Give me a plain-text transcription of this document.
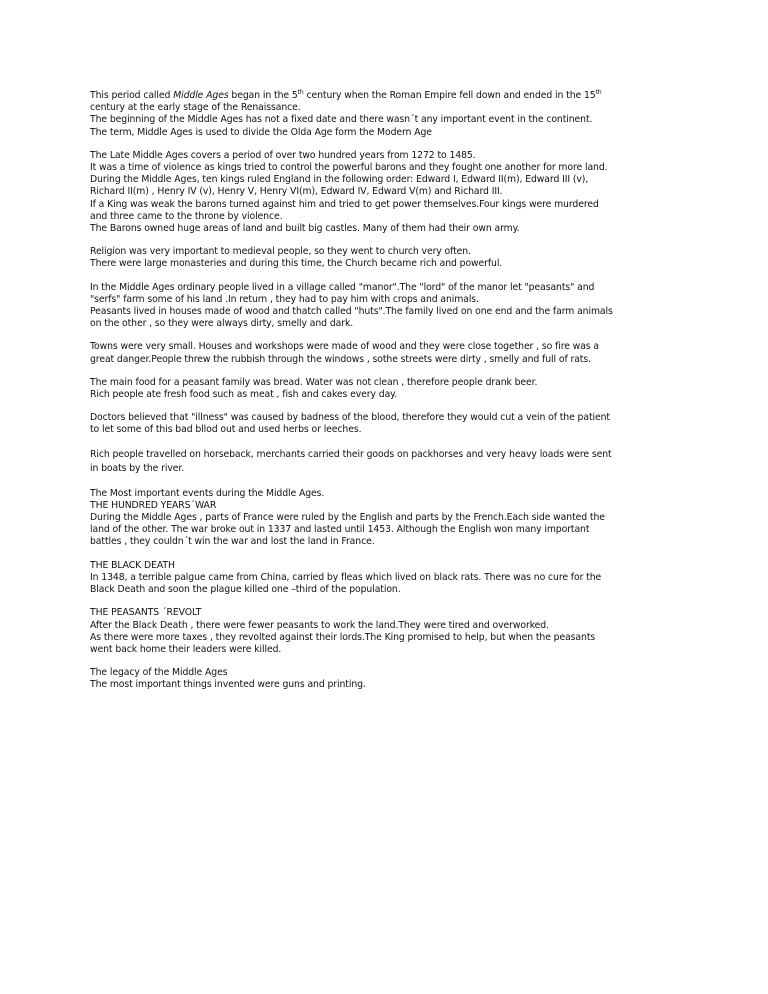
This period called Middle Ages began in the 5th century when the Roman Empire fell down and ended in the 15th
century at the early stage of the Renaissance.
The beginning of the Middle Ages has not a fixed date and there wasn´t any important event in the continent.
The term, Middle Ages is used to divide the Olda Age form the Modern Age
The Late Middle Ages covers a period of over two hundred years from 1272 to 1485.
It was a time of violence as kings tried to control the powerful barons and they fought one another for more land.
During the Middle Ages, ten kings ruled England in the following order: Edward I, Edward II(m), Edward III (v),
Richard II(m) , Henry IV (v), Henry V, Henry VI(m), Edward IV, Edward V(m) and Richard III.
If a King was weak the barons turned against him and tried to get power themselves.Four kings were murdered
and three came to the throne by violence.
The Barons owned huge areas of land and built big castles. Many of them had their own army.
Religion was very important to medieval people, so they went to church very often.
There were large monasteries and during this time, the Church became rich and powerful.
In the Middle Ages ordinary people lived in a village called "manor".The "lord" of the manor let "peasants" and
"serfs" farm some of his land .In return , they had to pay him with crops and animals.
Peasants lived in houses made of wood and thatch called "huts".The family lived on one end and the farm animals
on the other , so they were always dirty, smelly and dark.
Towns were very small. Houses and workshops were made of wood and they were close together , so fire was a
great danger.People threw the rubbish through the windows , sothe streets were dirty , smelly and full of rats.
The main food for a peasant family was bread. Water was not clean , therefore people drank beer.
Rich people ate fresh food such as meat , fish and cakes every day.
Doctors believed that "illness" was caused by badness of the blood, therefore they would cut a vein of the patient
to let some of this bad bllod out and used herbs or leeches.
Rich people travelled on horseback, merchants carried their goods on packhorses and very heavy loads were sent
in boats by the river.
The Most important events during the Middle Ages.
THE HUNDRED YEARS´WAR
During the Middle Ages , parts of France were ruled by the English and parts by the French.Each side wanted the
land of the other. The war broke out in 1337 and lasted until 1453. Although the English won many important
battles , they couldn´t win the war and lost the land in France.
THE BLACK DEATH
In 1348, a terrible palgue came from China, carried by fleas which lived on black rats. There was no cure for the
Black Death and soon the plague killed one –third of the population.
THE PEASANTS ´REVOLT
After the Black Death , there were fewer peasants to work the land.They were tired and overworked.
As there were more taxes , they revolted against their lords.The King promised to help, but when the peasants
went back home their leaders were killed.
The legacy of the Middle Ages
The most important things invented were guns and printing.
